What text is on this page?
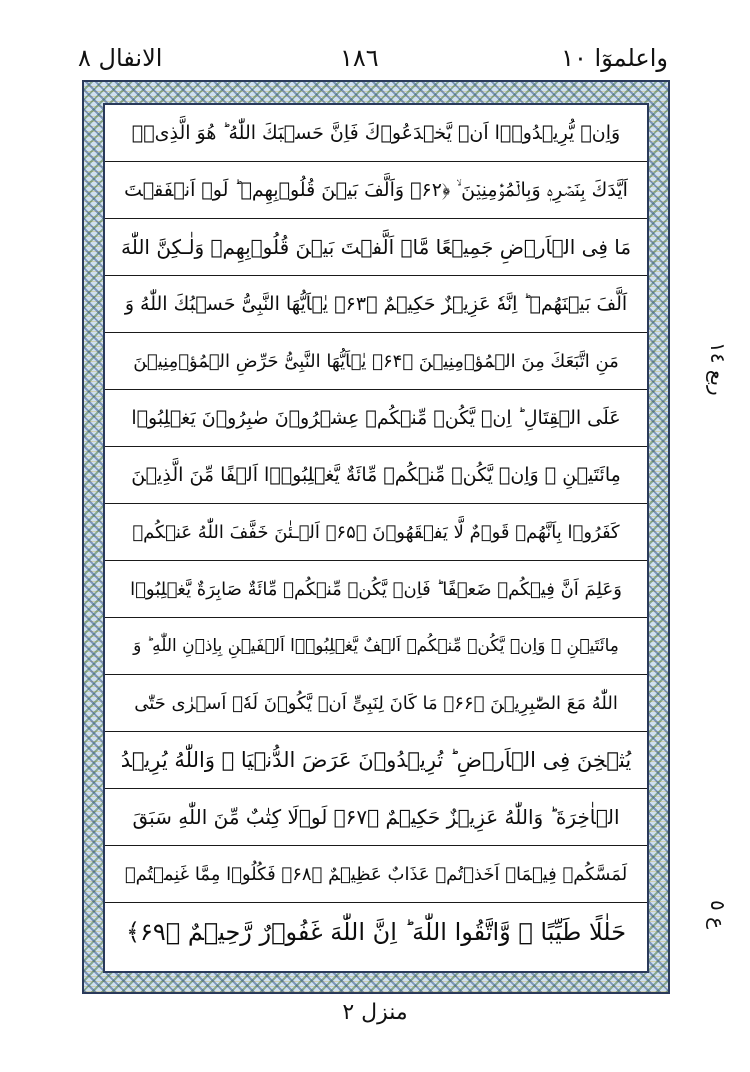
الانفال ٨	١٨٦	واعلموٓا ١٠
وَاِنۡ يُّرِيۡدُوۡۤا اَنۡ يَّخۡدَعُوۡكَ فَاِنَّ حَسۡبَكَ اللّٰهُ ‌ؕ هُوَ الَّذِىۡۤ
اَيَّدَكَ بِنَصۡرِهٖ وَبِالۡمُؤۡمِنِيۡنَ ۙ‏ ﴿۶۲﴾ وَاَلَّفَ بَيۡنَ قُلُوۡبِهِمۡ‌ ؕ لَوۡ اَنۡفَقۡتَ
مَا فِى الۡاَرۡضِ جَمِيۡعًا مَّاۤ اَلَّفۡتَ بَيۡنَ قُلُوۡبِهِمۡ وَلٰـكِنَّ اللّٰهَ
اَلَّفَ بَيۡنَهُمۡ‌ ؕ اِنَّهٗ عَزِيۡزٌ حَكِيۡمٌ‏ ﴿۶۳﴾ يٰۤاَيُّهَا النَّبِىُّ حَسۡبُكَ اللّٰهُ وَ
مَنِ اتَّبَعَكَ مِنَ الۡمُؤۡمِنِيۡنَ ﴿۶۴﴾ يٰۤاَيُّهَا النَّبِىُّ حَرِّضِ الۡمُؤۡمِنِيۡنَ
عَلَى الۡقِتَالِ‌ ؕ اِنۡ يَّكُنۡ مِّنۡكُمۡ عِشۡرُوۡنَ صٰبِرُوۡنَ يَغۡلِبُوۡا
مِائَتَيۡنِ‌ ۚ وَاِنۡ يَّكُنۡ مِّنۡكُمۡ مِّائَةٌ يَّغۡلِبُوۡۤا اَلۡفًا مِّنَ الَّذِيۡنَ
كَفَرُوۡا بِاَنَّهُمۡ قَوۡمٌ لَّا يَفۡقَهُوۡنَ ﴿۶۵﴾ اَلۡـئٰنَ خَفَّفَ اللّٰهُ عَنۡكُمۡ
وَعَلِمَ اَنَّ فِيۡكُمۡ ضَعۡفًا‌ ؕ فَاِنۡ يَّكُنۡ مِّنۡكُمۡ مِّائَةٌ صَابِرَةٌ يَّغۡلِبُوۡا
مِائَتَيۡنِ‌ ۚ وَاِنۡ يَّكُنۡ مِّنۡكُمۡ اَلۡفٌ يَّغۡلِبُوۡۤا اَلۡفَيۡنِ بِاِذۡنِ اللّٰهِ‌ ؕ وَ
اللّٰهُ مَعَ الصّٰبِرِيۡنَ ﴿۶۶﴾ مَا كَانَ لِنَبِىٍّ اَنۡ يَّكُوۡنَ لَهٗۤ اَسۡرٰى حَتّٰى
يُثۡخِنَ فِى الۡاَرۡضِ‌ ؕ تُرِيۡدُوۡنَ عَرَضَ الدُّنۡيَا ‌ۖ وَاللّٰهُ يُرِيۡدُ
الۡاٰخِرَةَ‌ ؕ وَاللّٰهُ عَزِيۡزٌ حَكِيۡمٌ‏ ﴿۶۷﴾ لَوۡلَا كِتٰبٌ مِّنَ اللّٰهِ سَبَقَ
لَمَسَّكُمۡ فِيۡمَاۤ اَخَذۡتُمۡ عَذَابٌ عَظِيۡمٌ‏ ﴿۶۸﴾ فَكُلُوۡا مِمَّا غَنِمۡتُمۡ
حَلٰلًا طَيِّبًا ‌ۖ وَّاتَّقُوا اللّٰهَ‌ ؕ اِنَّ اللّٰهَ غَفُوۡرٌ رَّحِيۡمٌ ﴿۶۹﴾
ربع ١٤
ع ٥
منزل ٢
